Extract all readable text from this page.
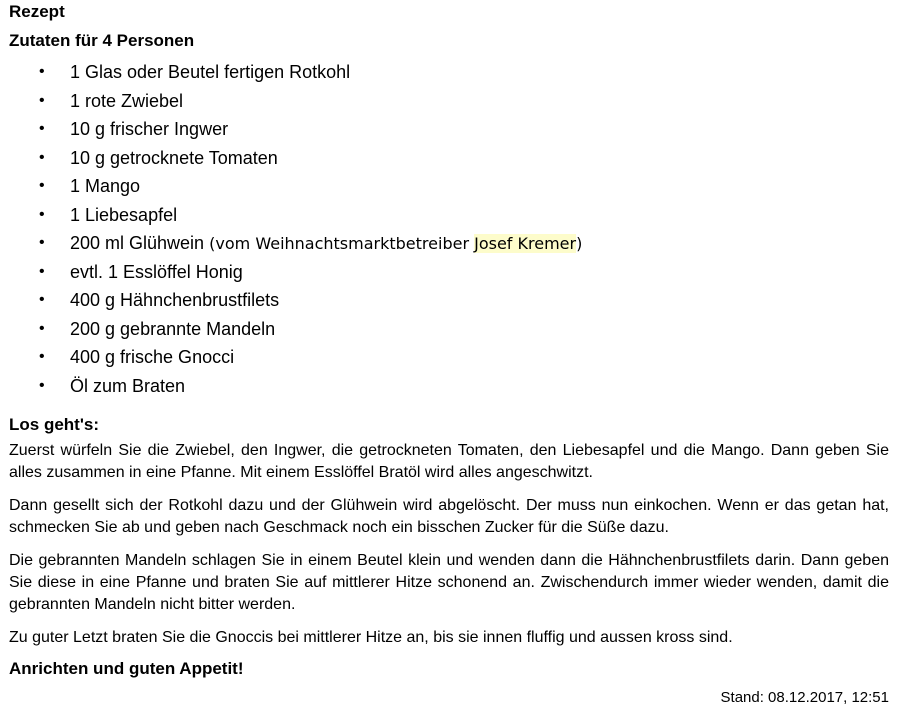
Rezept
Zutaten für 4 Personen
• 1 Glas oder Beutel fertigen Rotkohl
• 1 rote Zwiebel
• 10 g frischer Ingwer
• 10 g getrocknete Tomaten
• 1 Mango
• 1 Liebesapfel
• 200 ml Glühwein (vom Weihnachtsmarktbetreiber Josef Kremer)
• evtl. 1 Esslöffel Honig
• 400 g Hähnchenbrustfilets
• 200 g gebrannte Mandeln
• 400 g frische Gnocci
• Öl zum Braten
Los geht's:

Zuerst würfeln Sie die Zwiebel, den Ingwer, die getrockneten Tomaten, den Liebesapfel und die Mango. Dann geben Sie alles zusammen in eine Pfanne. Mit einem Esslöffel Bratöl wird alles angeschwitzt.

Dann gesellt sich der Rotkohl dazu und der Glühwein wird abgelöscht. Der muss nun einkochen. Wenn er das getan hat, schmecken Sie ab und geben nach Geschmack noch ein bisschen Zucker für die Süße dazu.

Die gebrannten Mandeln schlagen Sie in einem Beutel klein und wenden dann die Hähnchenbrustfilets darin. Dann geben Sie diese in eine Pfanne und braten Sie auf mittlerer Hitze schonend an. Zwischendurch immer wieder wenden, damit die gebrannten Mandeln nicht bitter werden.

Zu guter Letzt braten Sie die Gnoccis bei mittlerer Hitze an, bis sie innen fluffig und aussen kross sind.

Anrichten und guten Appetit!
Stand: 08.12.2017, 12:51
